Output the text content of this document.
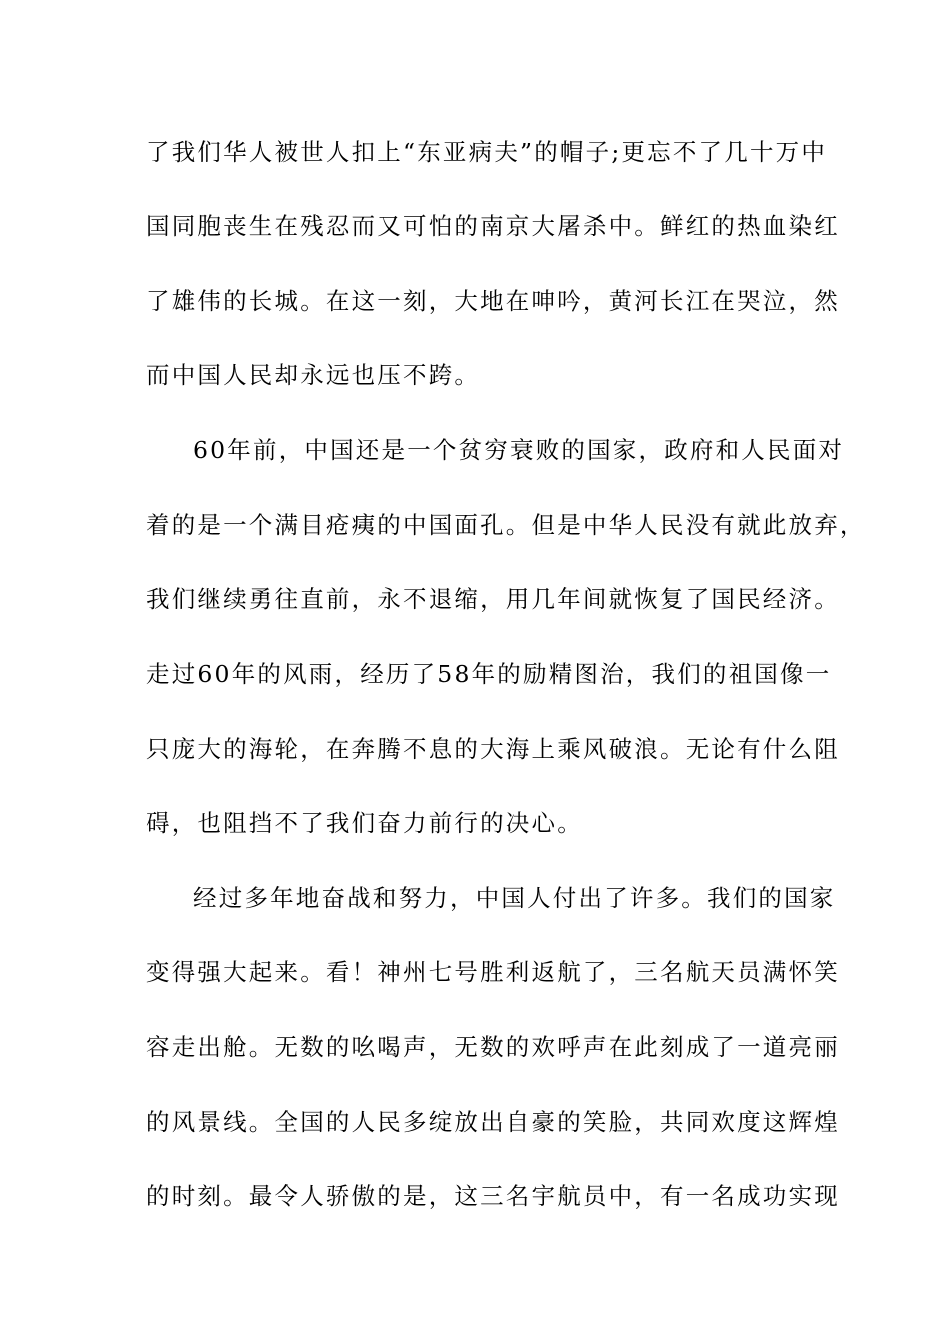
了我们华人被世人扣上“东亚病夫”的帽子;更忘不了几十万中
国同胞丧生在残忍而又可怕的南京大屠杀中。鲜红的热血染红
了雄伟的长城。在这一刻，大地在呻吟，黄河长江在哭泣，然
而中国人民却永远也压不跨。
60年前，中国还是一个贫穷衰败的国家，政府和人民面对
着的是一个满目疮痍的中国面孔。但是中华人民没有就此放弃，
我们继续勇往直前，永不退缩，用几年间就恢复了国民经济。
走过60年的风雨，经历了58年的励精图治，我们的祖国像一
只庞大的海轮，在奔腾不息的大海上乘风破浪。无论有什么阻
碍，也阻挡不了我们奋力前行的决心。
经过多年地奋战和努力，中国人付出了许多。我们的国家
变得强大起来。看！神州七号胜利返航了，三名航天员满怀笑
容走出舱。无数的吆喝声，无数的欢呼声在此刻成了一道亮丽
的风景线。全国的人民多绽放出自豪的笑脸，共同欢度这辉煌
的时刻。最令人骄傲的是，这三名宇航员中，有一名成功实现
